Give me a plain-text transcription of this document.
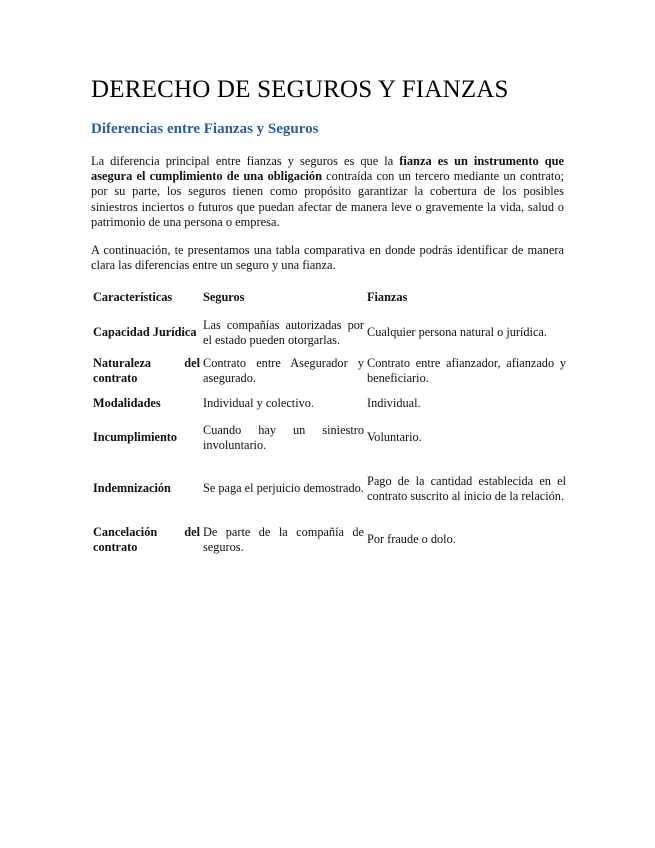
DERECHO DE SEGUROS Y FIANZAS
Diferencias entre Fianzas y Seguros

La diferencia principal entre fianzas y seguros es que la fianza es un instrumento que asegura el cumplimiento de una obligación contraída con un tercero mediante un contrato; por su parte, los seguros tienen como propósito garantizar la cobertura de los posibles siniestros inciertos o futuros que puedan afectar de manera leve o gravemente la vida, salud o patrimonio de una persona o empresa.

A continuación, te presentamos una tabla comparativa en donde podrás identificar de manera clara las diferencias entre un seguro y una fianza.

Características	Seguros	Fianzas
Capacidad Jurídica	Las compañías autorizadas por el estado pueden otorgarlas.	Cualquier persona natural o jurídica.

Naturaleza del
contrato	Contrato entre Asegurador y asegurado.	Contrato entre afianzador, afianzado y beneficiario.
Modalidades	Individual y colectivo.	Individual.
Incumplimiento	Cuando hay un siniestro involuntario.	Voluntario.
Indemnización	Se paga el perjuicio demostrado.	Pago de la cantidad establecida en el contrato suscrito al inicio de la relación.

Cancelación del
contrato	De parte de la compañía de seguros.	Por fraude o dolo.
